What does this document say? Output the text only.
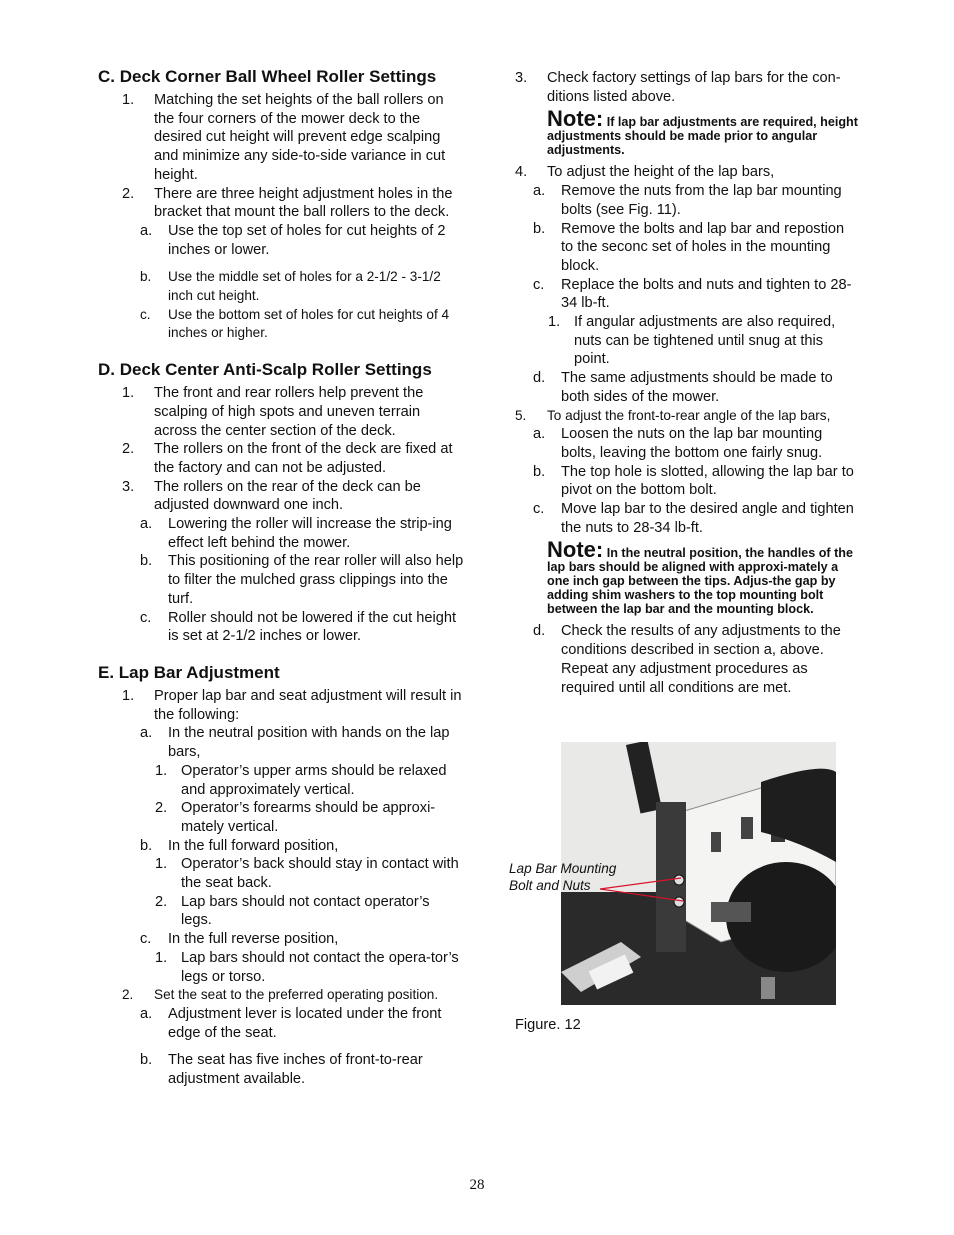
C. Deck Corner Ball Wheel Roller Settings
1. Matching the set heights of the ball rollers on the four corners of the mower deck to the desired cut height will prevent edge scalping and minimize any side-to-side variance in cut height.
2. There are three height adjustment holes in the bracket that mount the ball rollers to the deck.
a. Use the top set of holes for cut heights of 2 inches or lower.
b. Use the middle set of holes for a 2-1/2 - 3-1/2 inch cut height.
c. Use the bottom set of holes for cut heights of 4 inches or higher.
D. Deck Center Anti-Scalp Roller Settings
1. The front and rear rollers help prevent the scalping of high spots and uneven terrain across the center section of the deck.
2. The rollers on the front of the deck are fixed at the factory and can not be adjusted.
3. The rollers on the rear of the deck can be adjusted downward one inch.
a. Lowering the roller will increase the strip-ing effect left behind the mower.
b. This positioning of the rear roller will also help to filter the mulched grass clippings into the turf.
c. Roller should not be lowered if the cut height is set at 2-1/2 inches or lower.
E. Lap Bar Adjustment
1. Proper lap bar and seat adjustment will result in the following:
a. In the neutral position with hands on the lap bars,
1. Operator’s upper arms should be relaxed and approximately vertical.
2. Operator’s forearms should be approxi-mately vertical.
b. In the full forward position,
1. Operator’s back should stay in contact with the seat back.
2. Lap bars should not contact operator’s legs.
c. In the full reverse position,
1. Lap bars should not contact the opera-tor’s legs or torso.
2. Set the seat to the preferred operating position.
a. Adjustment lever is located under the front edge of the seat.
b. The seat has five inches of front-to-rear adjustment available.
3. Check factory settings of lap bars for the con-ditions listed above.
Note: If lap bar adjustments are required, height adjustments should be made prior to angular adjustments.
4. To adjust the height of the lap bars,
a. Remove the nuts from the lap bar mounting bolts (see Fig. 11).
b. Remove the bolts and lap bar and repostion to the seconc set of holes in the mounting block.
c. Replace the bolts and nuts and tighten to 28-34 lb-ft.
1. If angular adjustments are also required, nuts can be tightened until snug at this point.
d. The same adjustments should be made to both sides of the mower.
5. To adjust the front-to-rear angle of the lap bars,
a. Loosen the nuts on the lap bar mounting bolts, leaving the bottom one fairly snug.
b. The top hole is slotted, allowing the lap bar to pivot on the bottom bolt.
c. Move lap bar to the desired angle and tighten the nuts to 28-34 lb-ft.
Note: In the neutral position, the handles of the lap bars should be aligned with approxi-mately a one inch gap between the tips. Adjus-the gap by adding shim washers to the top mounting bolt between the lap bar and the mounting block.
d. Check the results of any adjustments to the conditions described in section a, above. Repeat any adjustment procedures as required until all conditions are met.
Lap Bar Mounting
Bolt and Nuts
Figure. 12
28
